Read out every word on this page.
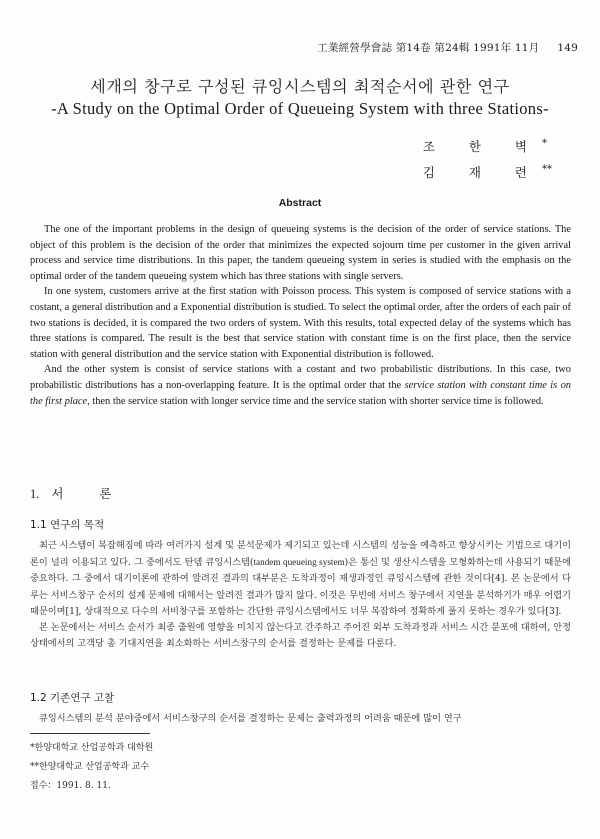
工業經營學會誌 第14卷 第24輯 1991年 11月 149
세개의 창구로 구성된 큐잉시스템의 최적순서에 관한 연구
-A Study on the Optimal Order of Queueing System with three Stations-
조 한 벽*
김 재 련**
Abstract

The one of the important problems in the design of queueing systems is the decision of the order of service stations. The object of this problem is the decision of the order that minimizes the expected sojourn time per customer in the given arrival process and service time distributions. In this paper, the tandem queueing system in series is studied with the emphasis on the optimal order of the tandem queueing system which has three stations with single servers.

In one system, customers arrive at the first station with Poisson process. This system is composed of service stations with a costant, a general distribution and a Exponential distribution is studied. To select the optimal order, after the orders of each pair of two stations is decided, it is compared the two orders of system. With this results, total expected delay of the systems which has three stations is compared. The result is the best that service station with constant time is on the first place, then the service station with general distribution and the service station with Exponential distribution is followed.

And the other system is consist of service stations with a costant and two probabilistic distributions. In this case, two probabilistic distributions has a non-overlapping feature. It is the optimal order that the service station with constant time is on the first place, then the service station with longer service time and the service station with shorter service time is followed.

1. 서 론
1.1 연구의 목적

최근 시스템이 복잡해짐에 따라 여러가지 설계 및 분석문제가 제기되고 있는데 시스템의 성능을 예측하고 향상시키는 기법으로 대기이론이 널리 이용되고 있다. 그 중에서도 탄뎀 큐잉시스템(tandem queueing system)은 통신 및 생산시스템을 모형화하는데 사용되기 때문에 중요하다. 그 중에서 대기이론에 관하여 알려진 결과의 대부분은 도착과정이 재생과정인 큐잉시스템에 관한 것이다[4]. 본 논문에서 다루는 서비스창구 순서의 설계 문제에 대해서는 알려진 결과가 많지 않다. 이것은 무빈에 서비스 창구에서 지연을 분석하기가 매우 어렵기 때문이며[1], 상대적으로 다수의 서비창구를 포함하는 간단한 큐잉시스템에서도 너무 복잡하여 정확하게 풀지 못하는 경우가 있다[3].

본 논문에서는 서비스 순서가 최종 출원에 영향을 미치지 않는다고 간주하고 주어진 외부 도착과정과 서비스 시간 분포에 대하여, 안정상태에서의 고객당 총 기대지연을 최소화하는 서비스창구의 순서를 결정하는 문제를 다룬다.

1.2 기존연구 고찰

큐잉시스템의 분석 분야중에서 서비스창구의 순서를 결정하는 문제는 출력과정의 어려움 때문에 많이 연구

*한양대학교 산업공학과 대학원
**한양대학교 산업공학과 교수
접수：1991. 8. 11.
